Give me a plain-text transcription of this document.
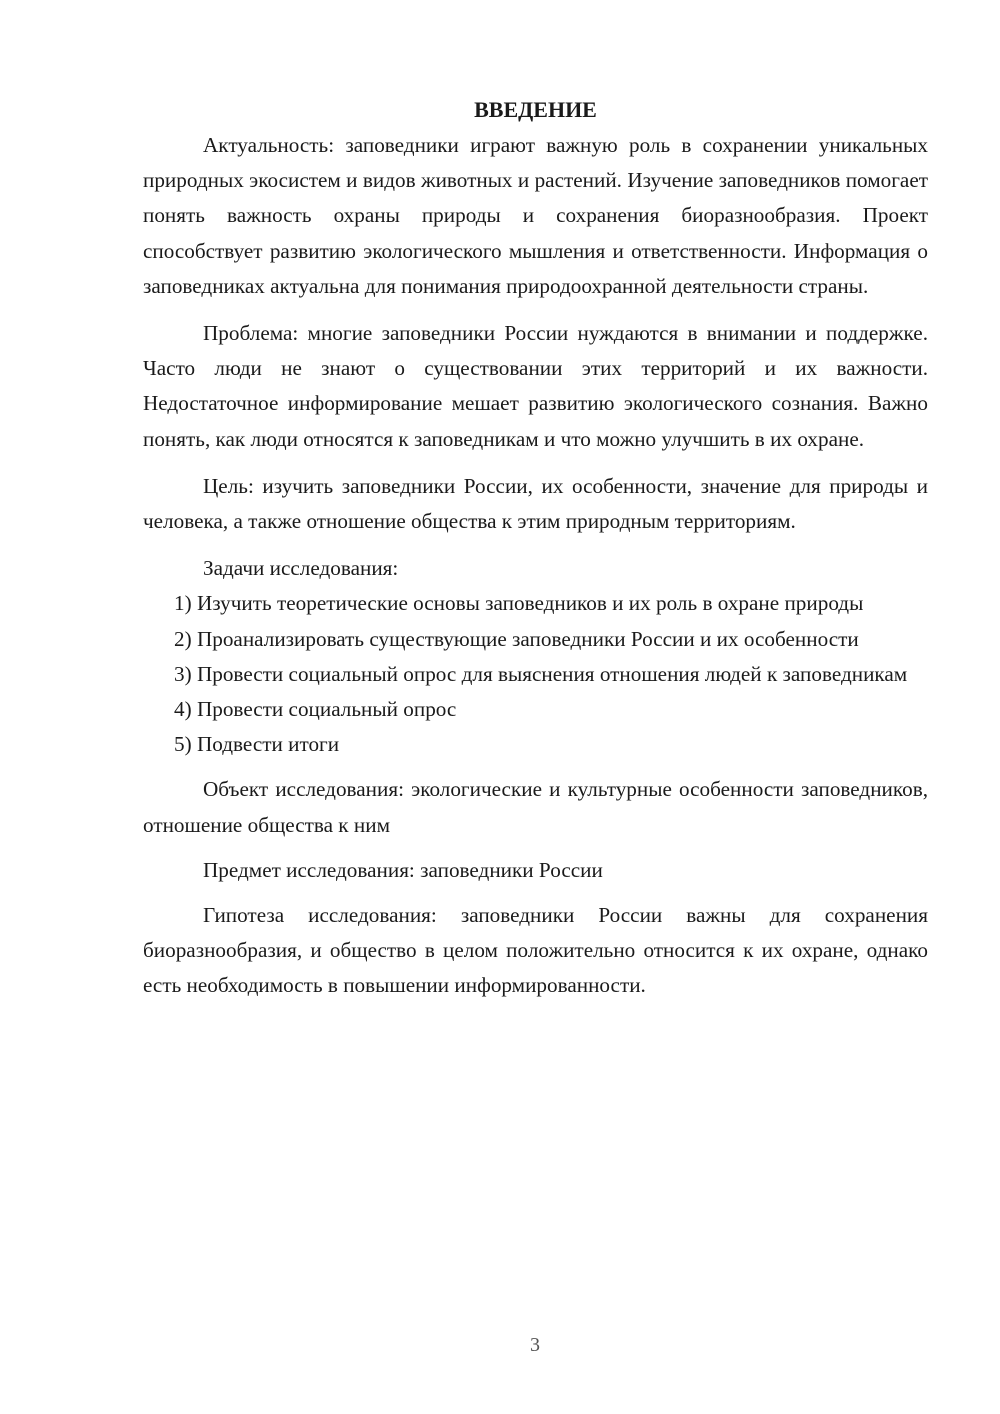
ВВЕДЕНИЕ

Актуальность: заповедники играют важную роль в сохранении уникальных природных экосистем и видов животных и растений. Изучение заповедников помогает понять важность охраны природы и сохранения биоразнообразия. Проект способствует развитию экологического мышления и ответственности. Информация о заповедниках актуальна для понимания природоохранной деятельности страны.

Проблема: многие заповедники России нуждаются в внимании и поддержке. Часто люди не знают о существовании этих территорий и их важности. Недостаточное информирование мешает развитию экологического сознания. Важно понять, как люди относятся к заповедникам и что можно улучшить в их охране.

Цель: изучить заповедники России, их особенности, значение для природы и человека, а также отношение общества к этим природным территориям.

Задачи исследования:

1) Изучить теоретические основы заповедников и их роль в охране природы

2) Проанализировать существующие заповедники России и их особенности

3) Провести социальный опрос для выяснения отношения людей к заповедникам

4) Провести социальный опрос

5) Подвести итоги

Объект исследования: экологические и культурные особенности заповедников, отношение общества к ним

Предмет исследования: заповедники России

Гипотеза исследования: заповедники России важны для сохранения биоразнообразия, и общество в целом положительно относится к их охране, однако есть необходимость в повышении информированности.

3
